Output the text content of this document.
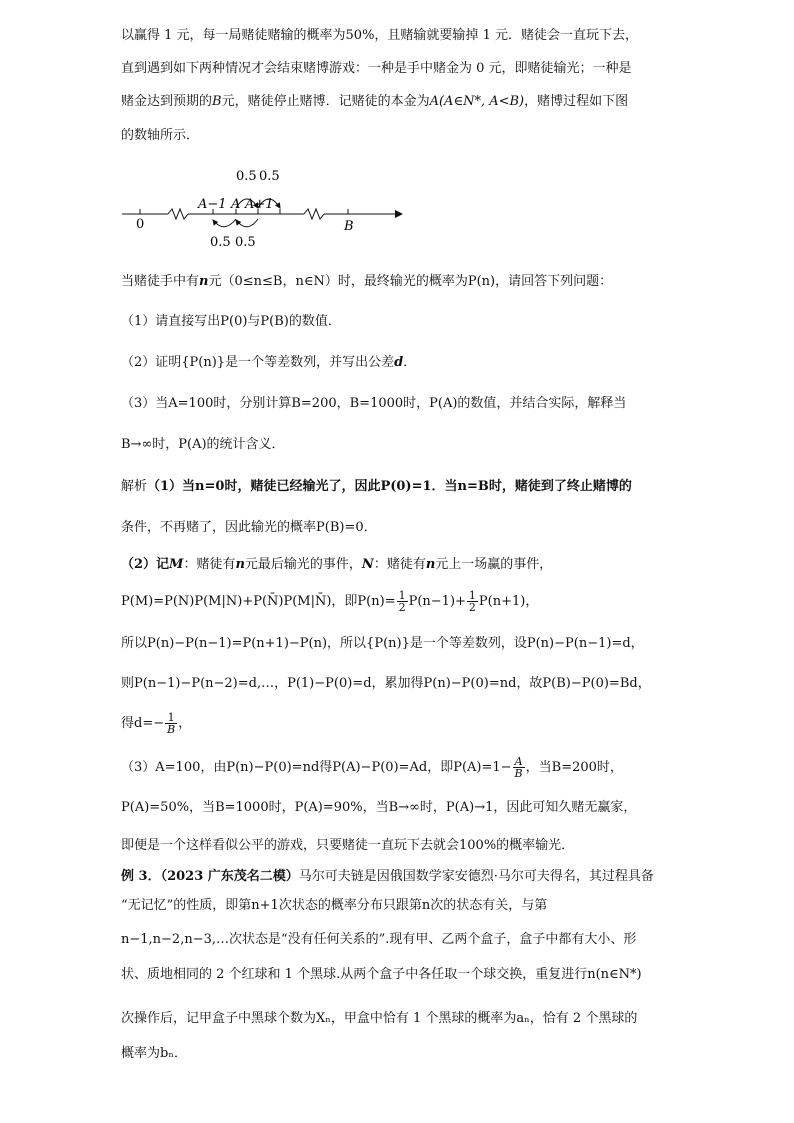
以赢得 1 元，每一局赌徒赌输的概率为50%，且赌输就要输掉 1 元．赌徒会一直玩下去，
直到遇到如下两种情况才会结束赌博游戏：一种是手中赌金为 0 元，即赌徒输光；一种是
赌金达到预期的B元，赌徒停止赌博．记赌徒的本金为A(A∈N*, A<B)，赌博过程如下图
的数轴所示．
0.5 0.5
A−1 A A+1
0	B
0.5 0.5
当赌徒手中有n元（0≤n≤B，n∈N）时，最终输光的概率为P(n)，请回答下列问题：
（1）请直接写出P(0)与P(B)的数值．
（2）证明{P(n)}是一个等差数列，并写出公差d．
（3）当A=100时，分别计算B=200，B=1000时，P(A)的数值，并结合实际，解释当
B→∞时，P(A)的统计含义．
解析（1）当n=0时，赌徒已经输光了，因此P(0)=1．当n=B时，赌徒到了终止赌博的
条件，不再赌了，因此输光的概率P(B)=0．
（2）记M：赌徒有n元最后输光的事件，N：赌徒有n元上一场赢的事件，
P(M)=P(N)P(M|N)+P(N̄)P(M|N̄)，即$P(n)= \frac{1}{2} P(n-1)+ \frac{1}{2} P(n+1)$，
所以P(n)−P(n−1)=P(n+1)−P(n)，所以{P(n)}是一个等差数列，设P(n)−P(n−1)=d，
则P(n−1)−P(n−2)=d,…，P(1)−P(0)=d，累加得P(n)−P(0)=nd，故P(B)−P(0)=Bd，
得$d=- \frac{1}{B}$ ，
（3）A=100，由P(n)−P(0)=nd得P(A)−P(0)=Ad，即$P(A)=1- \frac{A}{B}$ ，当B=200时，
P(A)=50%，当B=1000时，P(A)=90%，当B→∞时，P(A)→1，因此可知久赌无赢家，
即便是一个这样看似公平的游戏，只要赌徒一直玩下去就会100%的概率输光．
例 3．（2023 广东茂名二模）马尔可夫链是因俄国数学家安德烈·马尔可夫得名，其过程具备
“无记忆”的性质，即第n+1次状态的概率分布只跟第n次的状态有关，与第
n−1,n−2,n−3,…次状态是“没有任何关系的”.现有甲、乙两个盒子，盒子中都有大小、形
状、质地相同的 2 个红球和 1 个黑球.从两个盒子中各任取一个球交换，重复进行n(n∈N*)
次操作后，记甲盒子中黑球个数为Xₙ，甲盒中恰有 1 个黑球的概率为aₙ，恰有 2 个黑球的
概率为bₙ．
